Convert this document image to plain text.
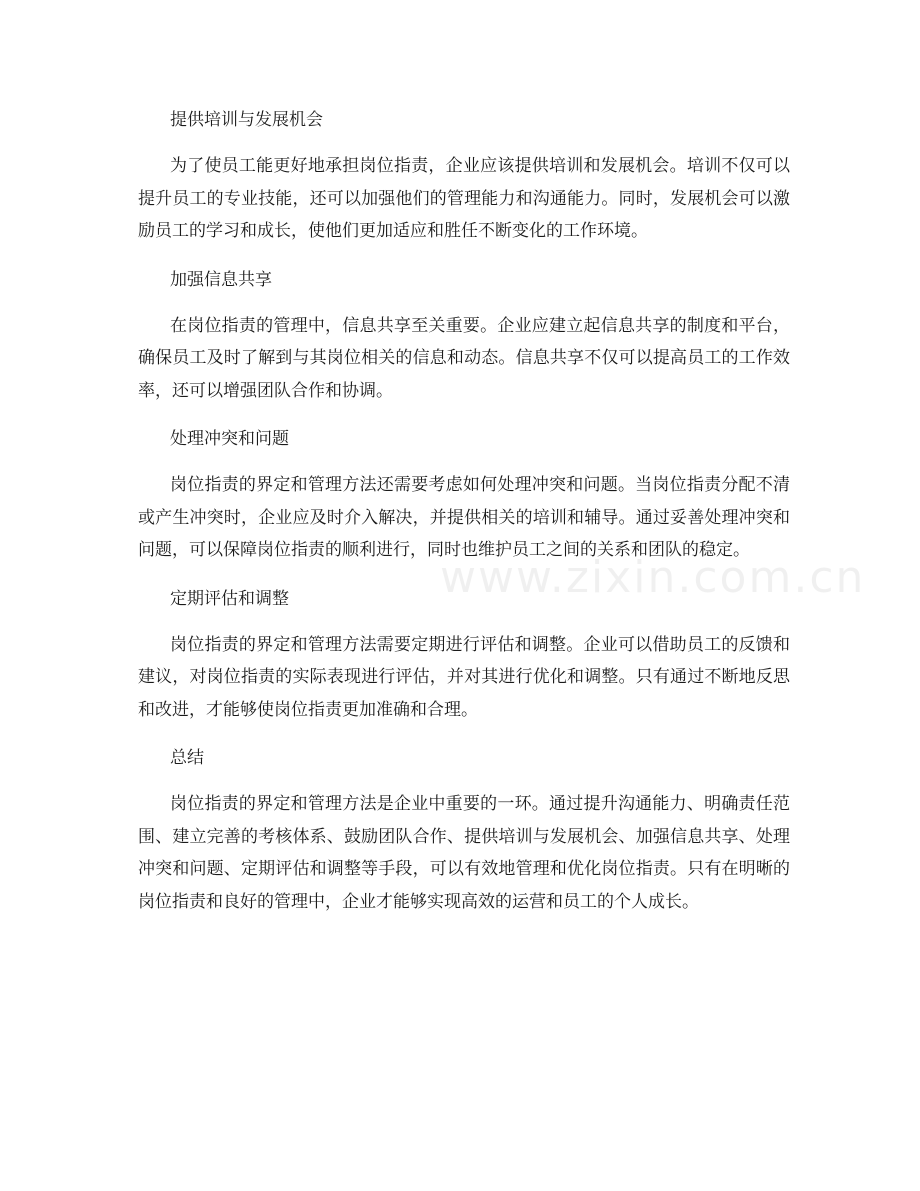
提供培训与发展机会

为了使员工能更好地承担岗位指责，企业应该提供培训和发展机会。培训不仅可以提升员工的专业技能，还可以加强他们的管理能力和沟通能力。同时，发展机会可以激励员工的学习和成长，使他们更加适应和胜任不断变化的工作环境。

加强信息共享

在岗位指责的管理中，信息共享至关重要。企业应建立起信息共享的制度和平台，确保员工及时了解到与其岗位相关的信息和动态。信息共享不仅可以提高员工的工作效率，还可以增强团队合作和协调。

处理冲突和问题

岗位指责的界定和管理方法还需要考虑如何处理冲突和问题。当岗位指责分配不清或产生冲突时，企业应及时介入解决，并提供相关的培训和辅导。通过妥善处理冲突和问题，可以保障岗位指责的顺利进行，同时也维护员工之间的关系和团队的稳定。

定期评估和调整

岗位指责的界定和管理方法需要定期进行评估和调整。企业可以借助员工的反馈和建议，对岗位指责的实际表现进行评估，并对其进行优化和调整。只有通过不断地反思和改进，才能够使岗位指责更加准确和合理。

总结

岗位指责的界定和管理方法是企业中重要的一环。通过提升沟通能力、明确责任范围、建立完善的考核体系、鼓励团队合作、提供培训与发展机会、加强信息共享、处理冲突和问题、定期评估和调整等手段，可以有效地管理和优化岗位指责。只有在明晰的岗位指责和良好的管理中，企业才能够实现高效的运营和员工的个人成长。

www.zixin.com.cn
